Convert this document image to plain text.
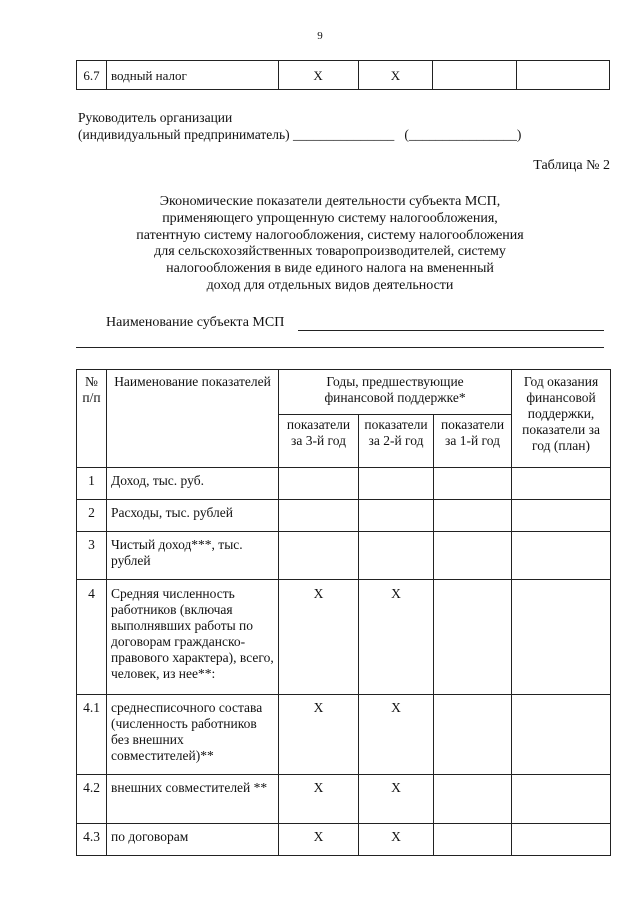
9
6.7	водный налог	X	X		
Руководитель организации
(индивидуальный предприниматель) _______________   (________________)
Таблица № 2
Экономические показатели деятельности субъекта МСП,
применяющего упрощенную систему налогообложения,
патентную систему налогообложения, систему налогообложения
для сельскохозяйственных товаропроизводителей, систему
налогообложения в виде единого налога на вмененный
доход для отдельных видов деятельности
Наименование субъекта МСП
№ п/п	Наименование показателей	Годы, предшествующие финансовой поддержке*			Год оказания финансовой поддержки, показатели за год (план)
		показатели за 3-й год	показатели за 2-й год	показатели за 1-й год	
1	Доход, тыс. руб.				
2	Расходы, тыс. рублей				
3	Чистый доход***, тыс. рублей				
4	Средняя численность работников (включая выполнявших работы по договорам гражданско-правового характера), всего, человек, из нее**:	X	X		
4.1	среднесписочного состава (численность работников без внешних совместителей)**	X	X		
4.2	внешних совместителей **	X	X		
4.3	по договорам	X	X		
